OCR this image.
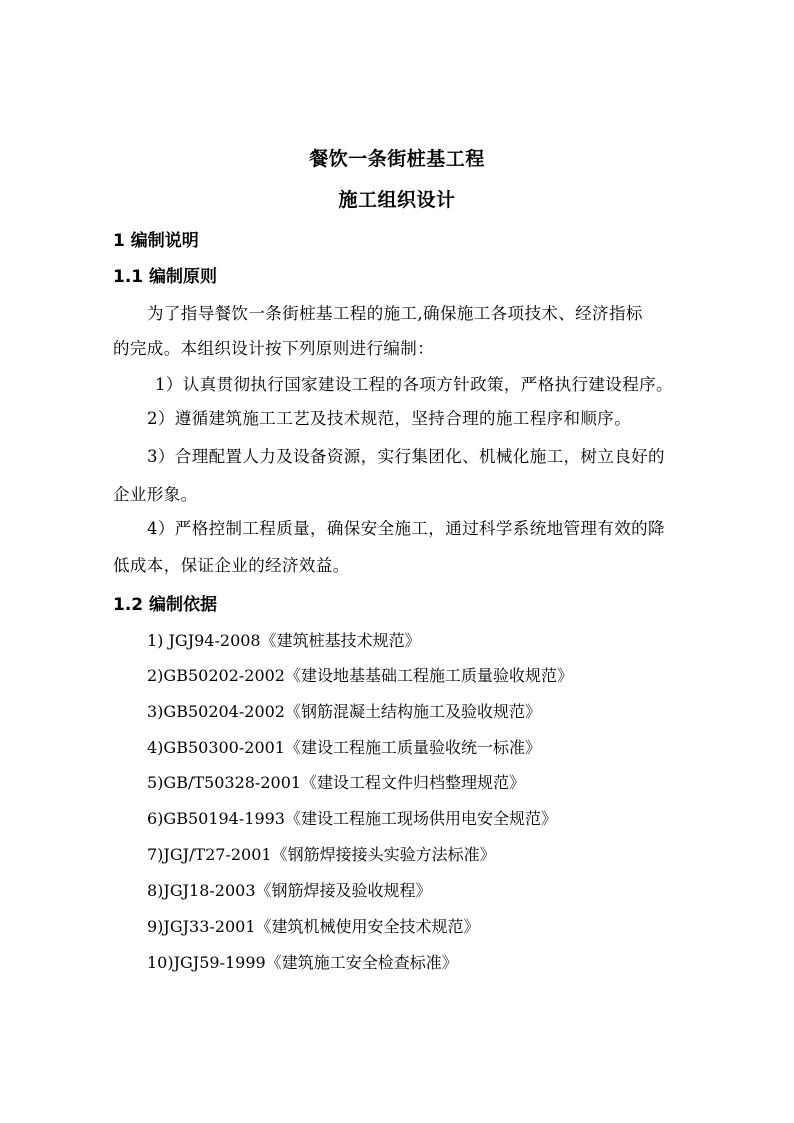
餐饮一条街桩基工程
施工组织设计
1 编制说明
1.1 编制原则
为了指导餐饮一条街桩基工程的施工,确保施工各项技术、经济指标
的完成。本组织设计按下列原则进行编制：
1）认真贯彻执行国家建设工程的各项方针政策，严格执行建设程序。
2）遵循建筑施工工艺及技术规范，坚持合理的施工程序和顺序。
3）合理配置人力及设备资源，实行集团化、机械化施工，树立良好的
企业形象。
4）严格控制工程质量，确保安全施工，通过科学系统地管理有效的降
低成本，保证企业的经济效益。
1.2 编制依据
1) JGJ94-2008《建筑桩基技术规范》
2)GB50202-2002《建设地基基础工程施工质量验收规范》
3)GB50204-2002《钢筋混凝土结构施工及验收规范》
4)GB50300-2001《建设工程施工质量验收统一标准》
5)GB/T50328-2001《建设工程文件归档整理规范》
6)GB50194-1993《建设工程施工现场供用电安全规范》
7)JGJ/T27-2001《钢筋焊接接头实验方法标准》
8)JGJ18-2003《钢筋焊接及验收规程》
9)JGJ33-2001《建筑机械使用安全技术规范》
10)JGJ59-1999《建筑施工安全检查标准》
